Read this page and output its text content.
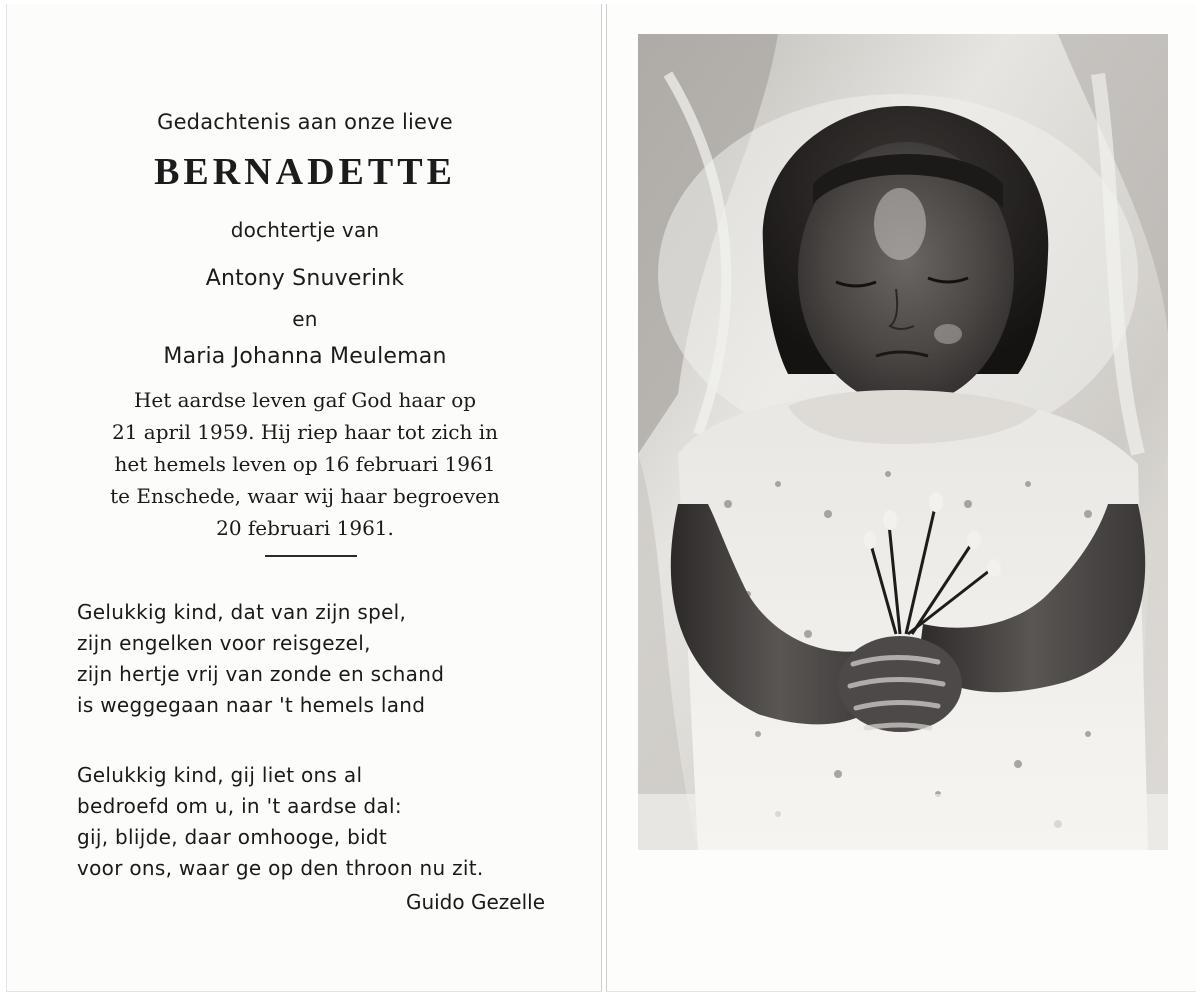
Gedachtenis aan onze lieve
BERNADETTE
dochtertje van
Antony Snuverink
en
Maria Johanna Meuleman
Het aardse leven gaf God haar op
21 april 1959. Hij riep haar tot zich in
het hemels leven op 16 februari 1961
te Enschede, waar wij haar begroeven
20 februari 1961.
Gelukkig kind, dat van zijn spel,
zijn engelken voor reisgezel,
zijn hertje vrij van zonde en schand
is weggegaan naar 't hemels land
Gelukkig kind, gij liet ons al
bedroefd om u, in 't aardse dal:
gij, blijde, daar omhooge, bidt
voor ons, waar ge op den throon nu zit.
Guido Gezelle
